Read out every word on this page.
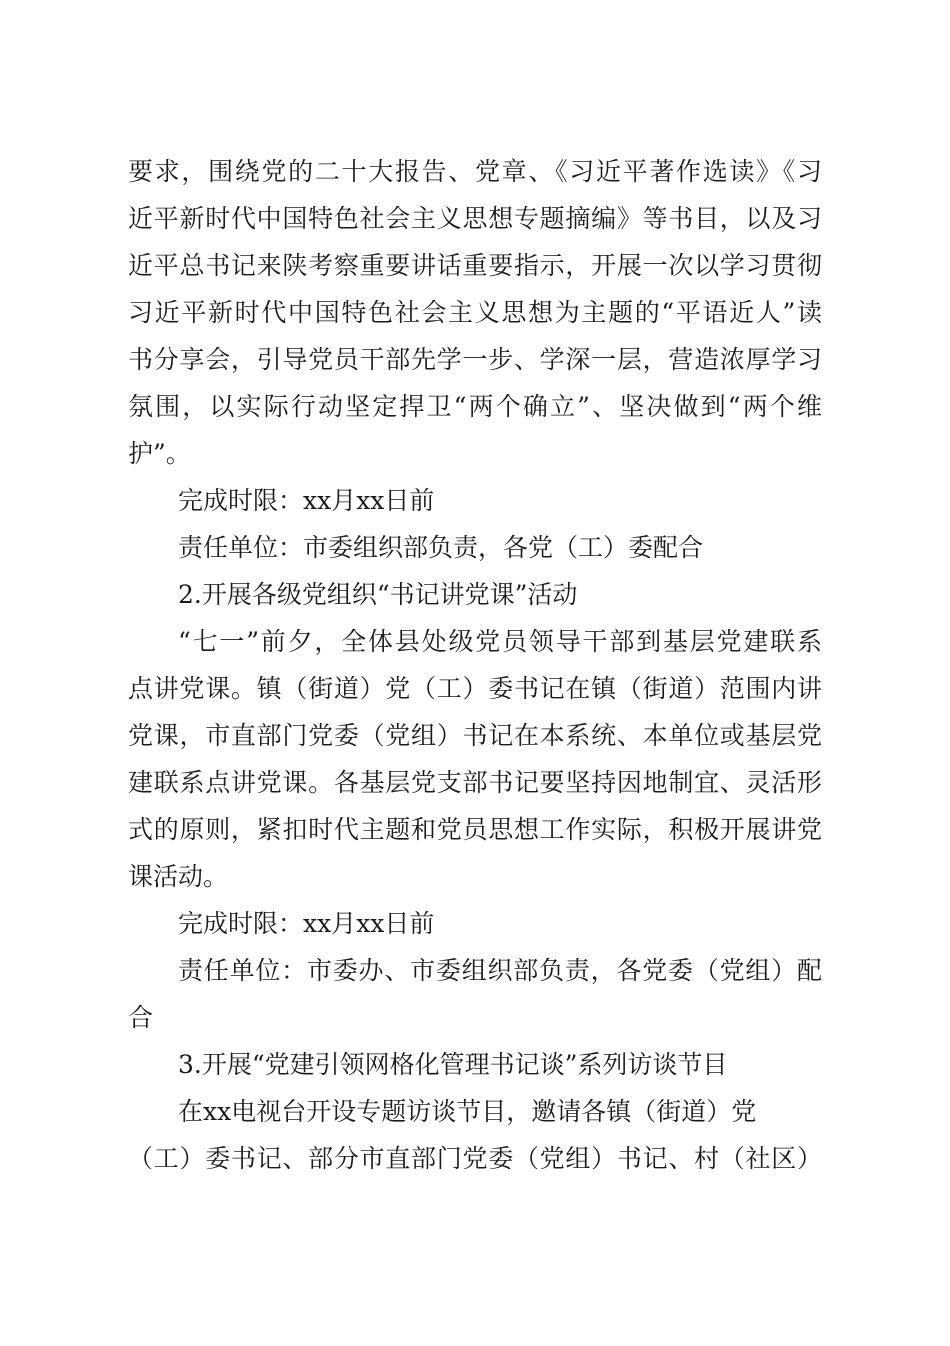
要求，围绕党的二十大报告、党章、《习近平著作选读》《习
近平新时代中国特色社会主义思想专题摘编》等书目，以及习
近平总书记来陕考察重要讲话重要指示，开展一次以学习贯彻
习近平新时代中国特色社会主义思想为主题的“平语近人”读
书分享会，引导党员干部先学一步、学深一层，营造浓厚学习
氛围，以实际行动坚定捍卫“两个确立”、坚决做到“两个维
护”。
完成时限：xx月xx日前
责任单位：市委组织部负责，各党（工）委配合
2.开展各级党组织“书记讲党课”活动
“七一”前夕，全体县处级党员领导干部到基层党建联系
点讲党课。镇（街道）党（工）委书记在镇（街道）范围内讲
党课，市直部门党委（党组）书记在本系统、本单位或基层党
建联系点讲党课。各基层党支部书记要坚持因地制宜、灵活形
式的原则，紧扣时代主题和党员思想工作实际，积极开展讲党
课活动。
完成时限：xx月xx日前
责任单位：市委办、市委组织部负责，各党委（党组）配
合
3.开展“党建引领网格化管理书记谈”系列访谈节目
在xx电视台开设专题访谈节目，邀请各镇（街道）党
（工）委书记、部分市直部门党委（党组）书记、村（社区）
